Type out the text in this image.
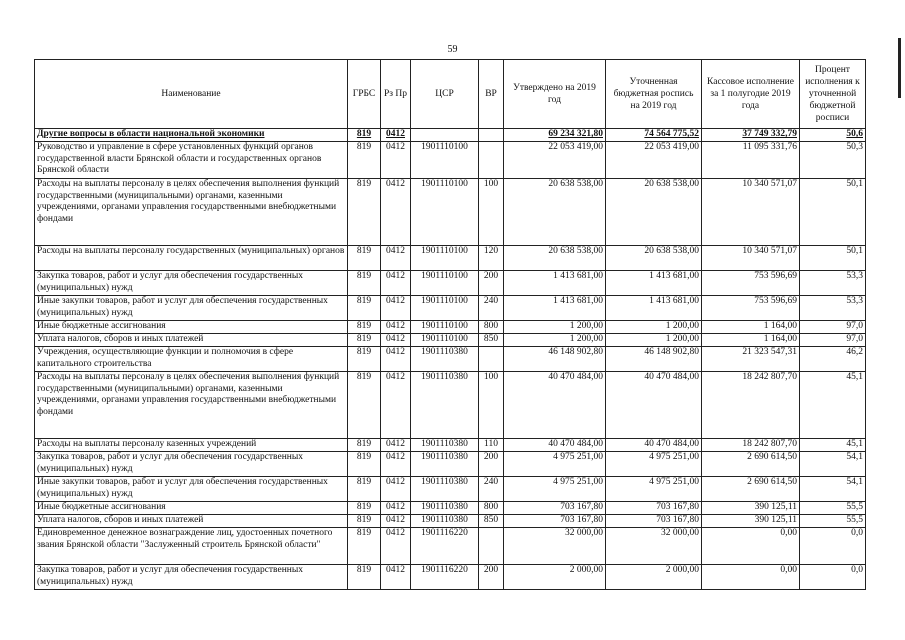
59
Наименование	ГРБС	Рз Пр	ЦСР	ВР	Утверждено на 2019 год	Уточненная бюджетная роспись на 2019 год	Кассовое исполнение за 1 полугодие 2019 года	Процент исполнения к уточненной бюджетной росписи
Другие вопросы в области национальной экономики	819	0412			69 234 321,80	74 564 775,52	37 749 332,79	50,6
Руководство и управление в сфере установленных функций органов государственной власти Брянской области и государственных органов Брянской области	819	0412	1901110100		22 053 419,00	22 053 419,00	11 095 331,76	50,3
Расходы на выплаты персоналу в целях обеспечения выполнения функций государственными (муниципальными) органами, казенными учреждениями, органами управления государственными внебюджетными фондами	819	0412	1901110100	100	20 638 538,00	20 638 538,00	10 340 571,07	50,1
Расходы на выплаты персоналу государственных (муниципальных) органов	819	0412	1901110100	120	20 638 538,00	20 638 538,00	10 340 571,07	50,1
Закупка товаров, работ и услуг для обеспечения государственных (муниципальных) нужд	819	0412	1901110100	200	1 413 681,00	1 413 681,00	753 596,69	53,3
Иные закупки товаров, работ и услуг для обеспечения государственных (муниципальных) нужд	819	0412	1901110100	240	1 413 681,00	1 413 681,00	753 596,69	53,3
Иные бюджетные ассигнования	819	0412	1901110100	800	1 200,00	1 200,00	1 164,00	97,0
Уплата налогов, сборов и иных платежей	819	0412	1901110100	850	1 200,00	1 200,00	1 164,00	97,0
Учреждения, осуществляющие функции и полномочия в сфере капитального строительства	819	0412	1901110380		46 148 902,80	46 148 902,80	21 323 547,31	46,2
Расходы на выплаты персоналу в целях обеспечения выполнения функций государственными (муниципальными) органами, казенными учреждениями, органами управления государственными внебюджетными фондами	819	0412	1901110380	100	40 470 484,00	40 470 484,00	18 242 807,70	45,1
Расходы на выплаты персоналу казенных учреждений	819	0412	1901110380	110	40 470 484,00	40 470 484,00	18 242 807,70	45,1
Закупка товаров, работ и услуг для обеспечения государственных (муниципальных) нужд	819	0412	1901110380	200	4 975 251,00	4 975 251,00	2 690 614,50	54,1
Иные закупки товаров, работ и услуг для обеспечения государственных (муниципальных) нужд	819	0412	1901110380	240	4 975 251,00	4 975 251,00	2 690 614,50	54,1
Иные бюджетные ассигнования	819	0412	1901110380	800	703 167,80	703 167,80	390 125,11	55,5
Уплата налогов, сборов и иных платежей	819	0412	1901110380	850	703 167,80	703 167,80	390 125,11	55,5
Единовременное денежное вознаграждение лиц, удостоенных почетного звания Брянской области "Заслуженный строитель Брянской области"	819	0412	1901116220		32 000,00	32 000,00	0,00	0,0
Закупка товаров, работ и услуг для обеспечения государственных (муниципальных) нужд	819	0412	1901116220	200	2 000,00	2 000,00	0,00	0,0
